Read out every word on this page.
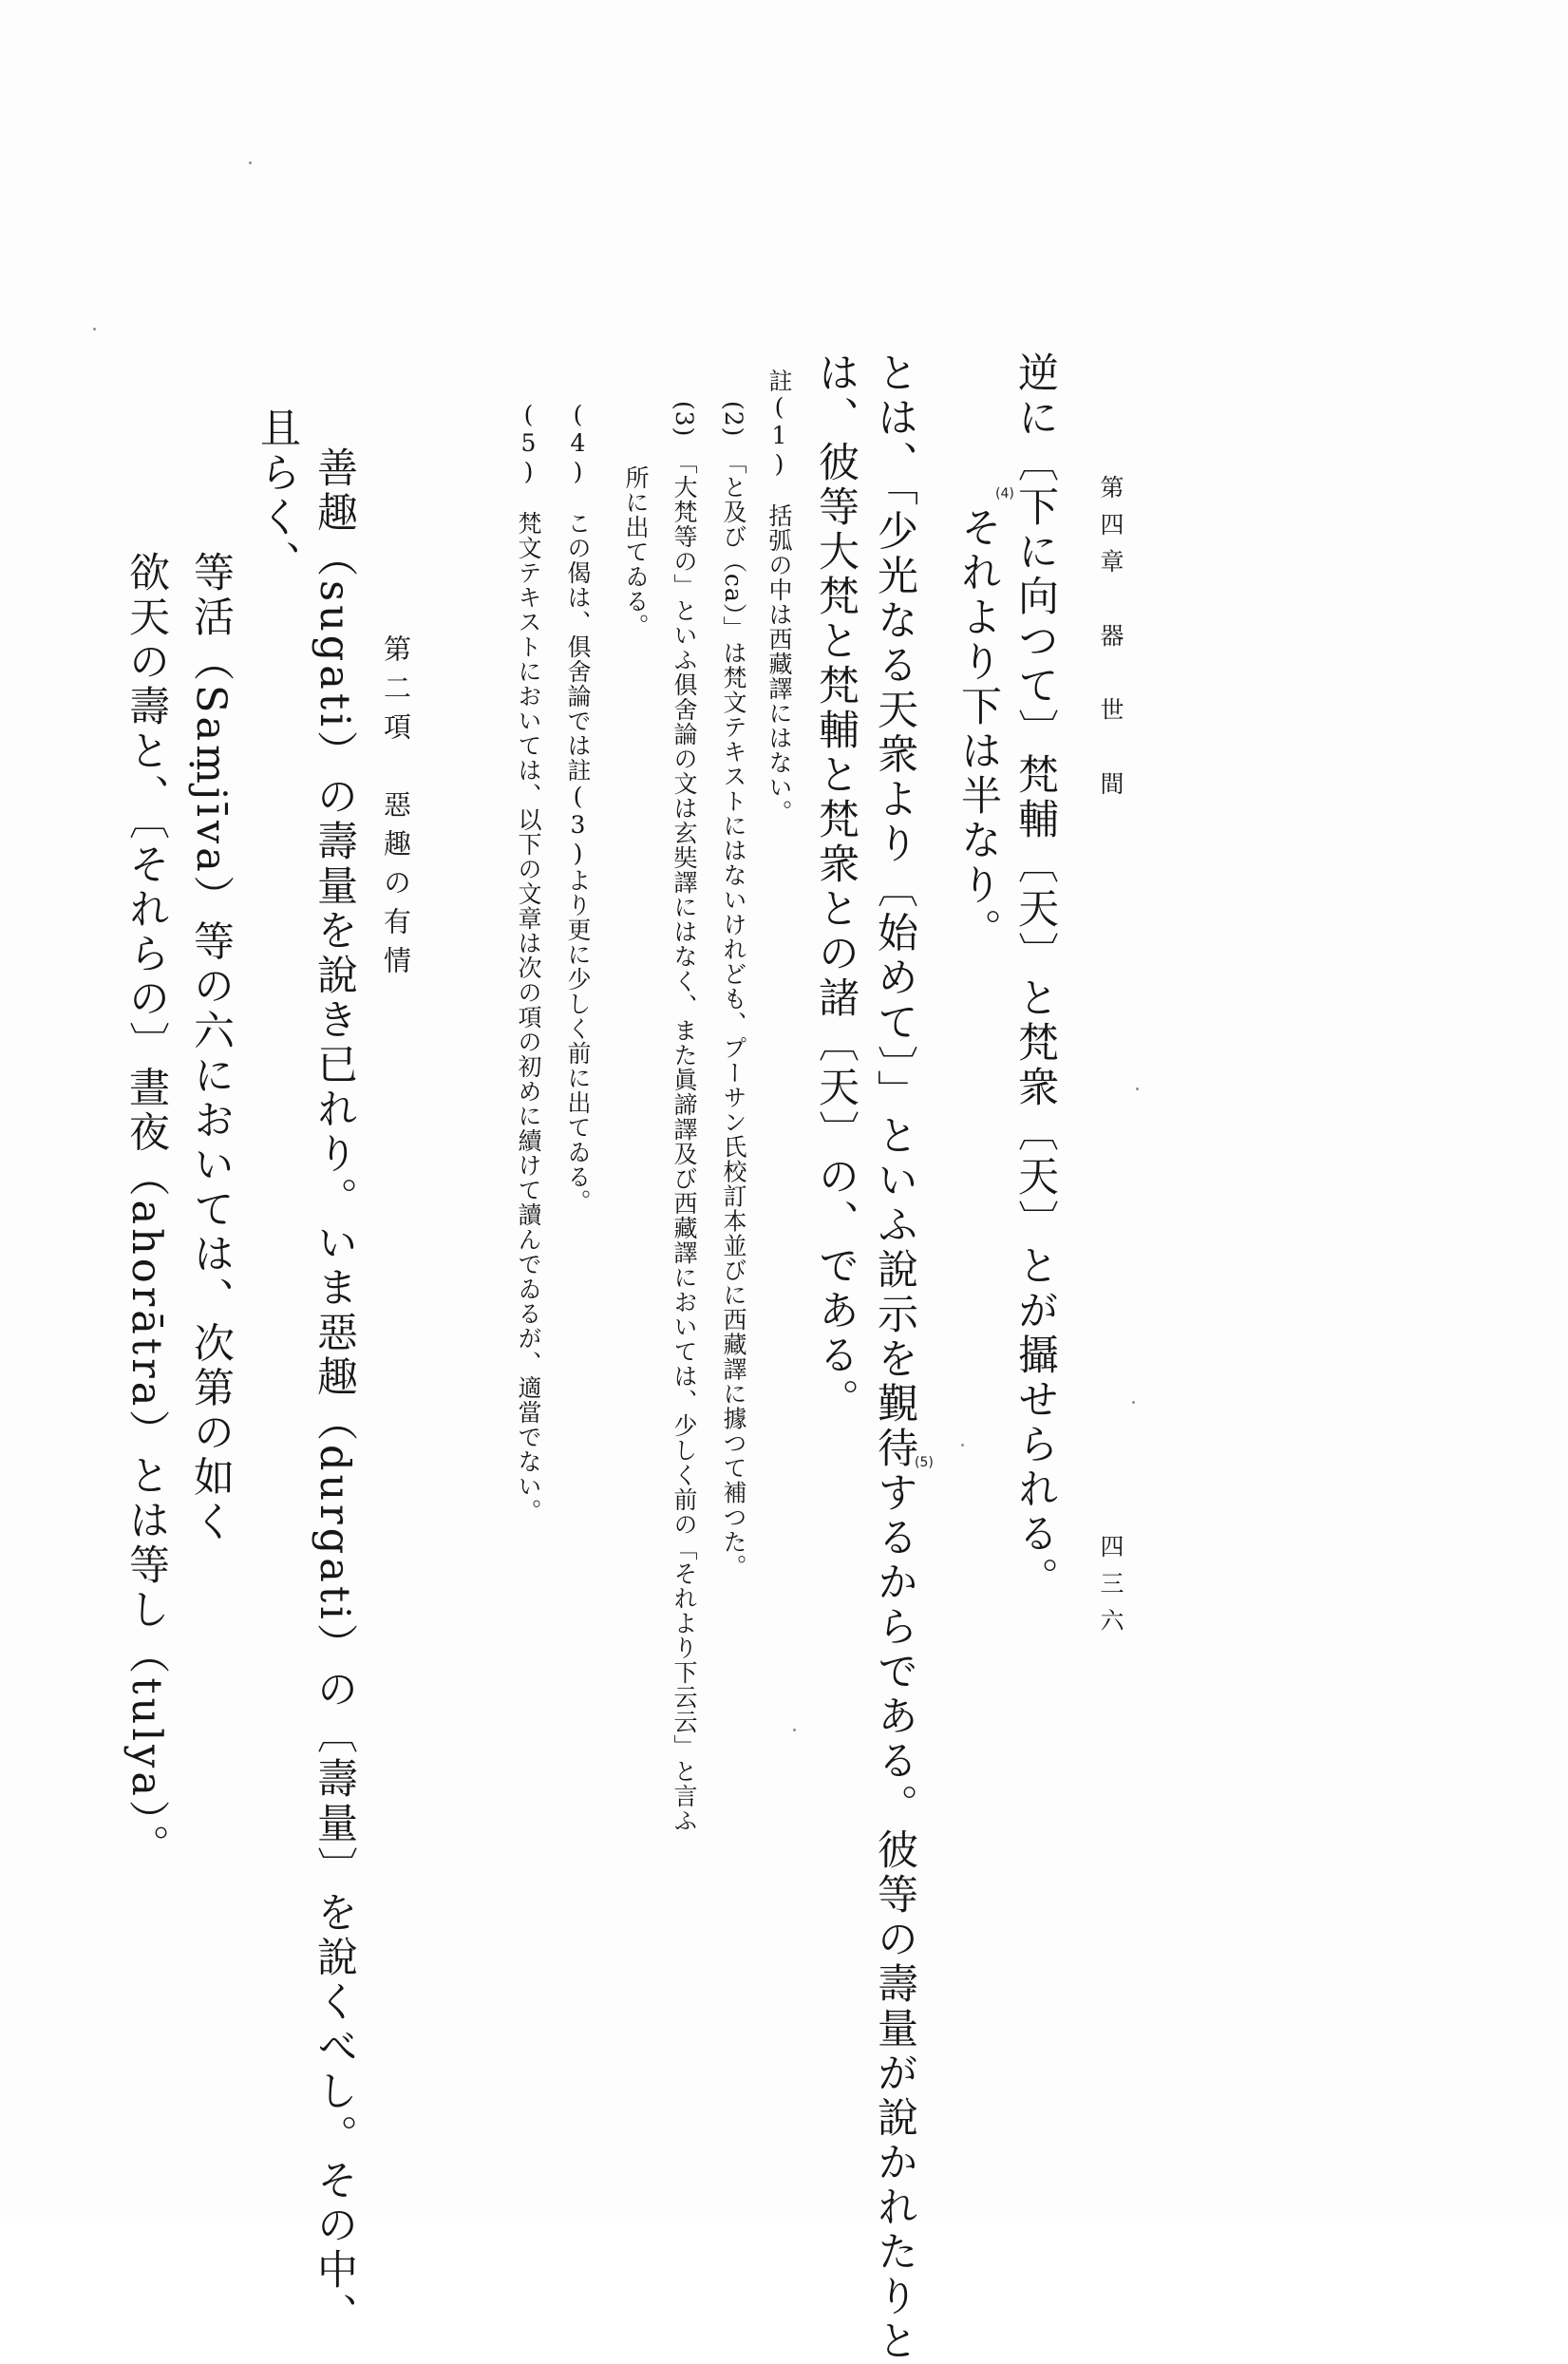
第四章　器　世　間
四三六
逆に〔下に向つて〕梵輔〔天〕と梵衆〔天〕とが攝せられる。
それより下は半なり。
(4)
とは、「少光なる天衆より〔始めて〕」といふ說示を覲待するからである。彼等の壽量が說かれたりと
(5)
は、彼等大梵と梵輔と梵衆との諸〔天〕の、である。
註(1)　括弧の中は西藏譯にはない。
(2)　「と及び（ca）」は梵文テキストにはないけれども、プーサン氏校訂本並びに西藏譯に據つて補つた。
(3)　「大梵等の」といふ俱舍論の文は玄奘譯にはなく、また眞諦譯及び西藏譯においては、少しく前の「それより下云云」と言ふ
所に出てゐる。
(4)　この偈は、俱舍論では註(3)より更に少しく前に出てゐる。
(5)　梵文テキストにおいては、以下の文章は次の項の初めに續けて讀んでゐるが、適當でない。
第二項　惡趣の有情
善趣（sugati）の壽量を說き已れり。いま惡趣（durgati）の〔壽量〕を說くべし。その中、
且らく、
等活（Saṃjīva）等の六においては、次第の如く
欲天の壽と、〔それらの〕晝夜（ahorātra）とは等し（tulya）。
